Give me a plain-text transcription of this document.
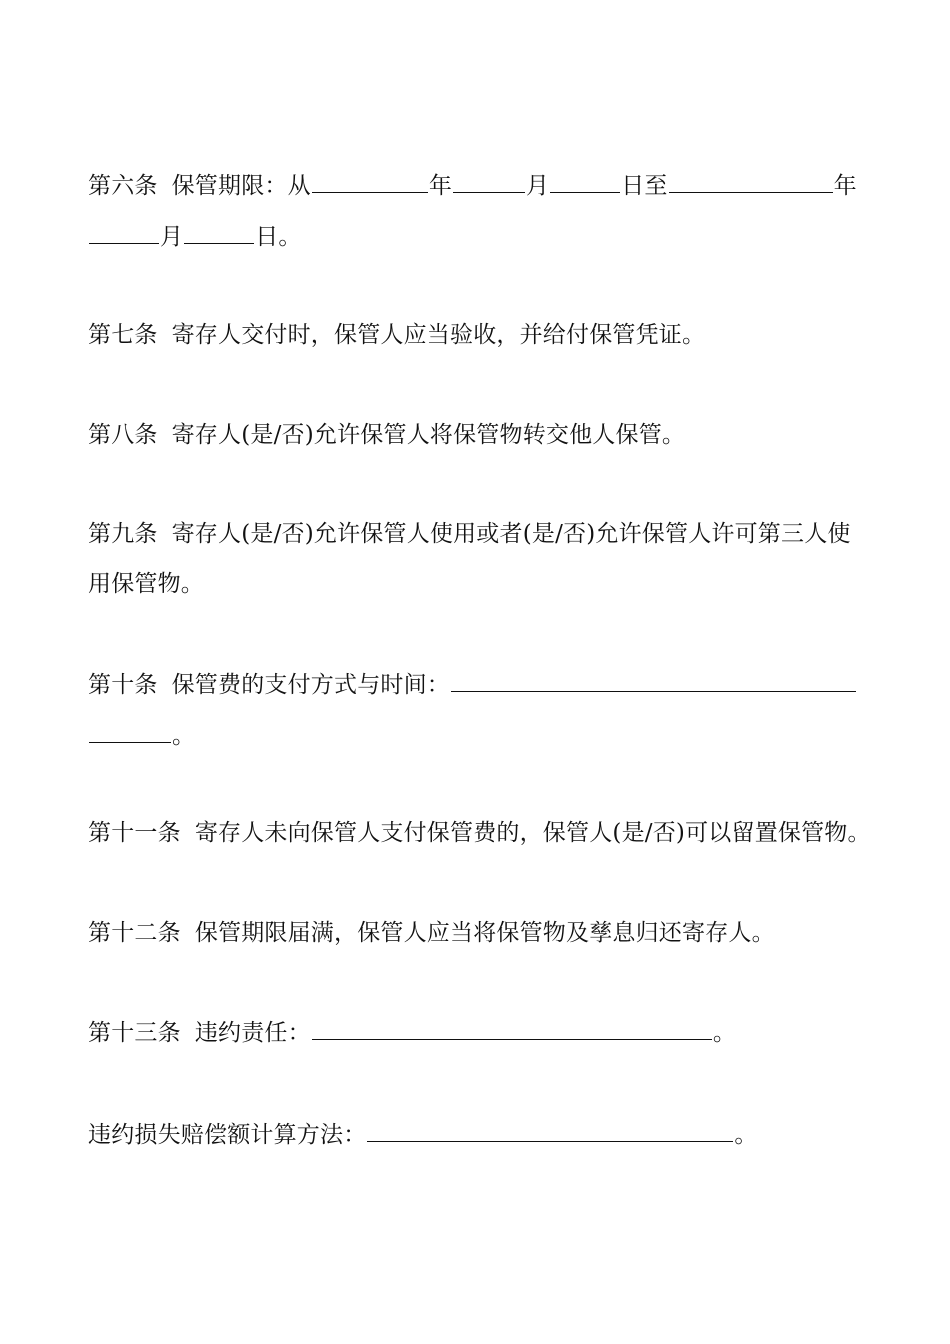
第六条 保管期限：从	年	月	日至	年
月	日。
第七条 寄存人交付时，保管人应当验收，并给付保管凭证。
第八条 寄存人(是/否)允许保管人将保管物转交他人保管。
第九条 寄存人(是/否)允许保管人使用或者(是/否)允许保管人许可第三人使
用保管物。
第十条 保管费的支付方式与时间：
。
第十一条 寄存人未向保管人支付保管费的，保管人(是/否)可以留置保管物。
第十二条 保管期限届满，保管人应当将保管物及孳息归还寄存人。
第十三条 违约责任：	。
违约损失赔偿额计算方法：	。
